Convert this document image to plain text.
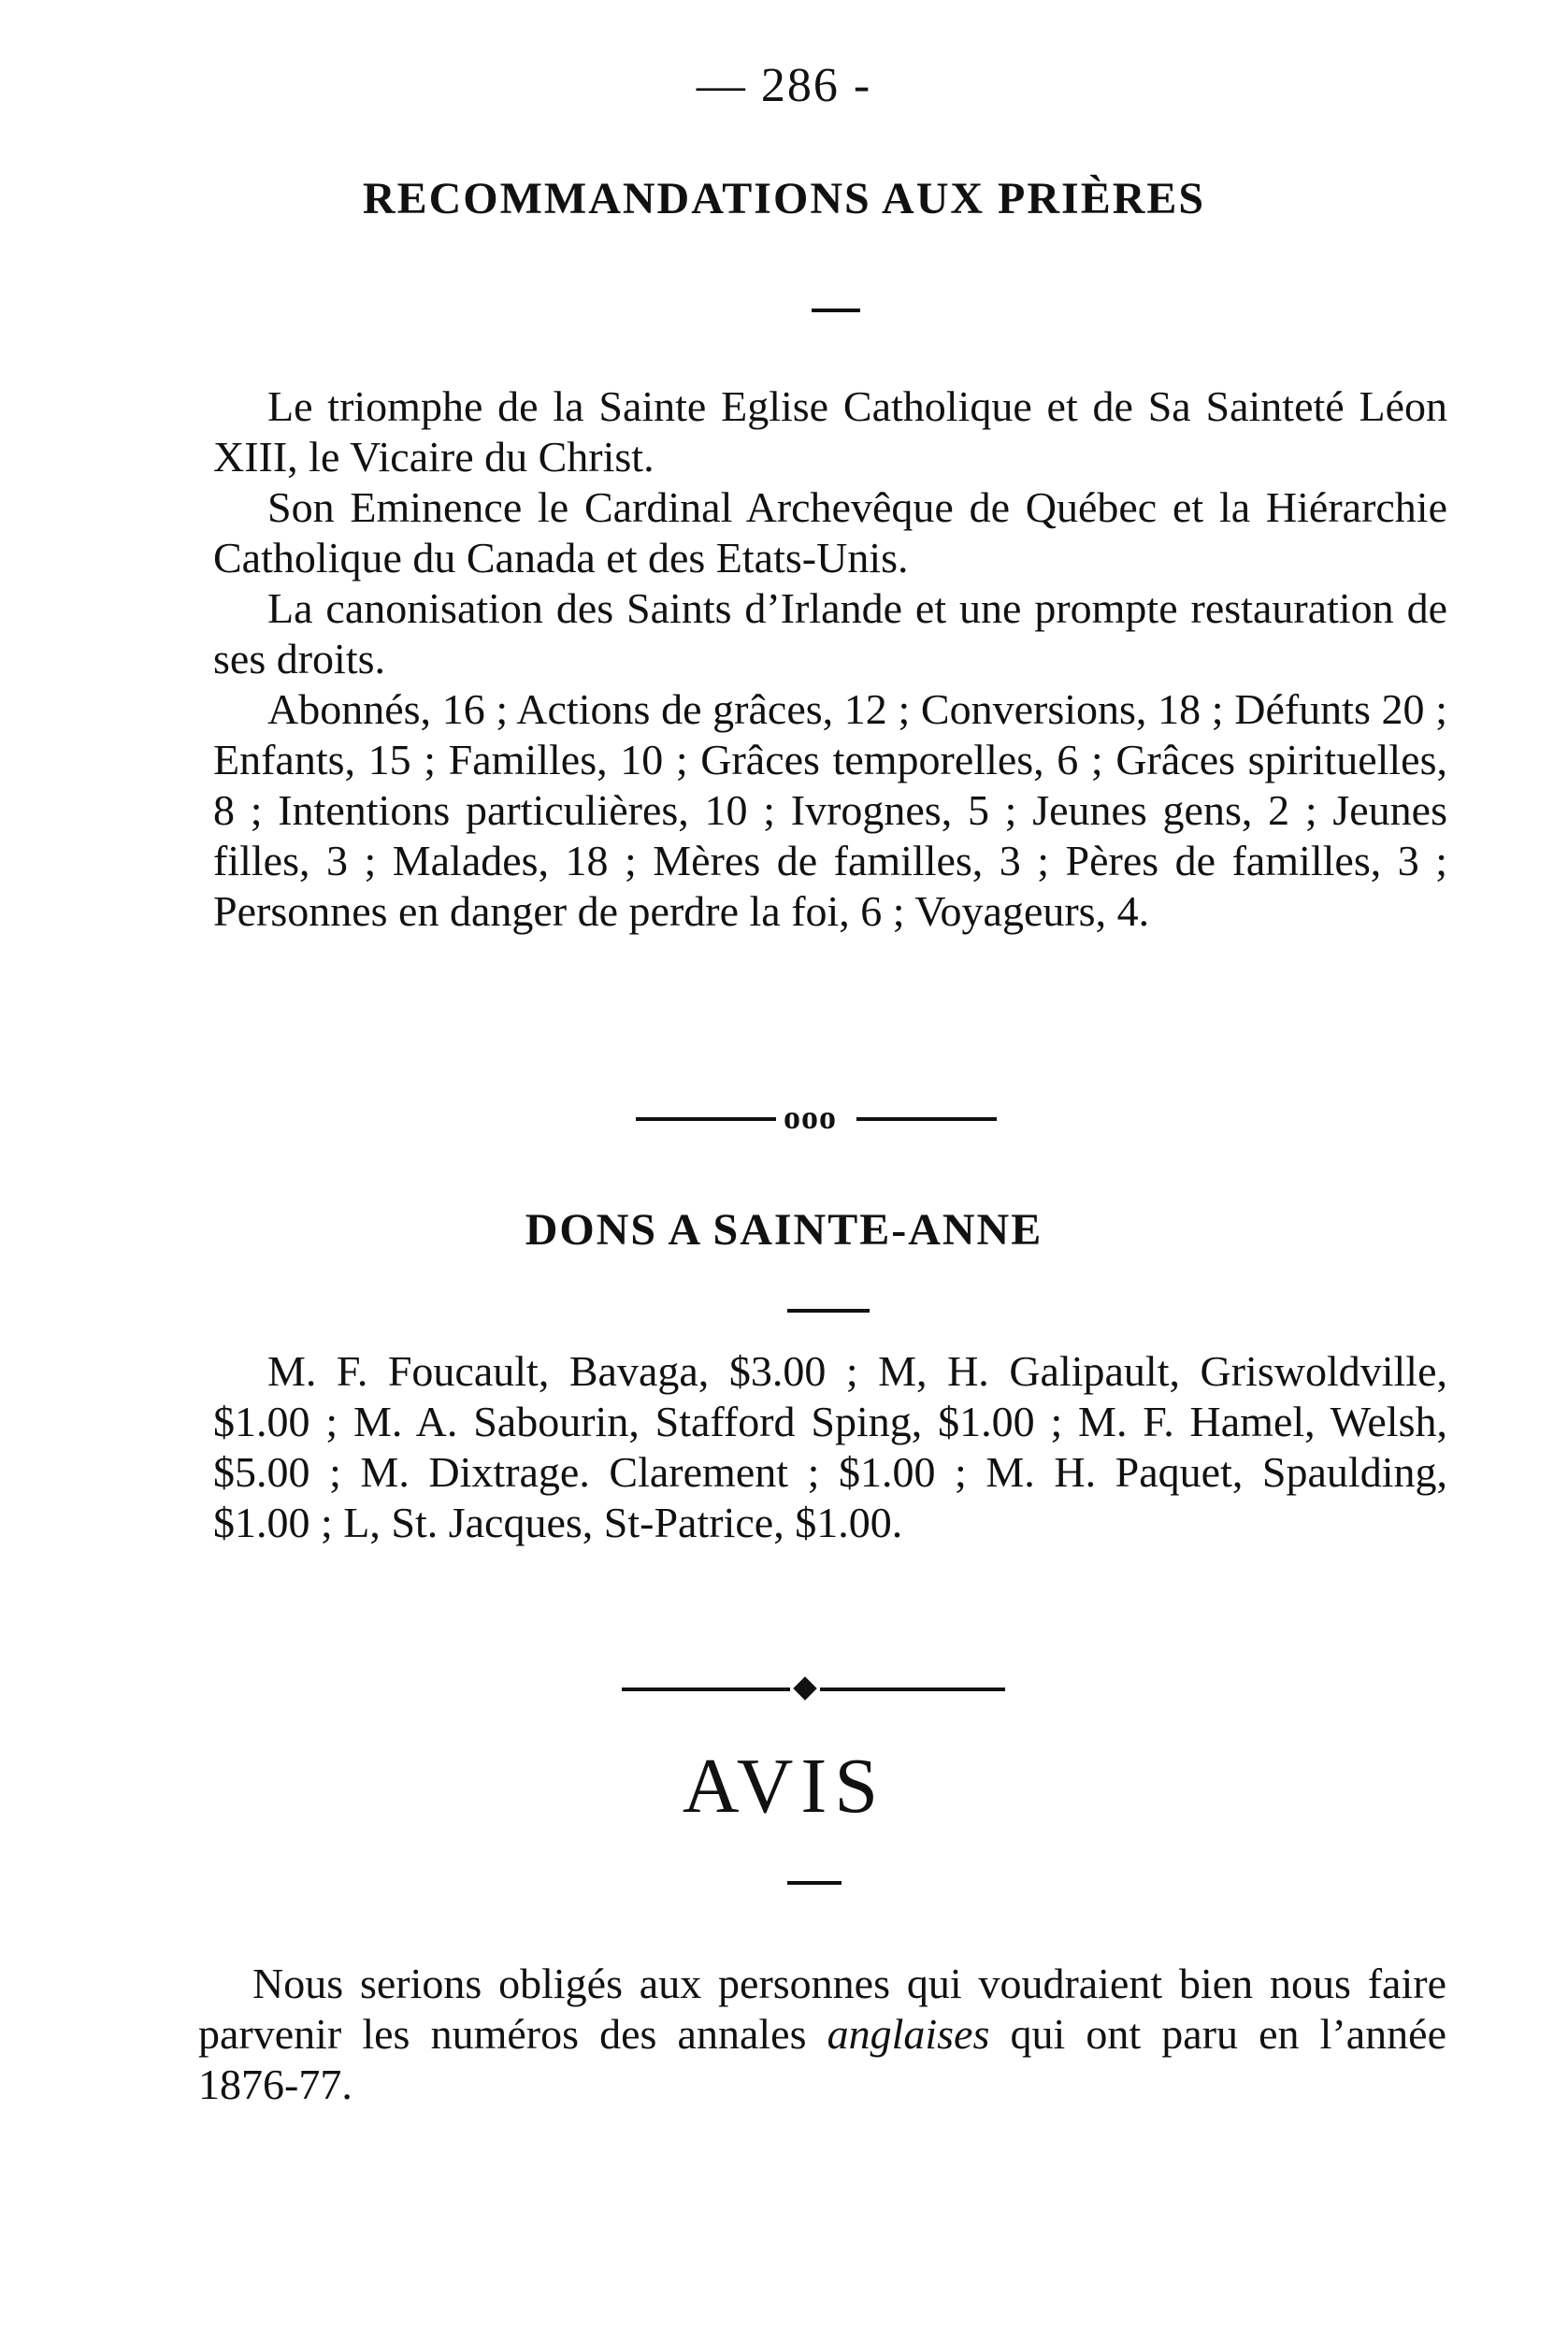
— 286 -
RECOMMANDATIONS AUX PRIÈRES

Le triomphe de la Sainte Eglise Catholique et de Sa Sainteté Léon XIII, le Vicaire du Christ.

Son Eminence le Cardinal Archevêque de Québec et la Hiérarchie Catholique du Canada et des Etats-Unis.

La canonisation des Saints d’Irlande et une prompte restauration de ses droits.

Abonnés, 16 ; Actions de grâces, 12 ; Conversions, 18 ; Défunts 20 ; Enfants, 15 ; Familles, 10 ; Grâces temporelles, 6 ; Grâces spirituelles, 8 ; Intentions particulières, 10 ; Ivrognes, 5 ; Jeunes gens, 2 ; Jeunes filles, 3 ; Malades, 18 ; Mères de familles, 3 ; Pères de familles, 3 ; Personnes en danger de perdre la foi, 6 ; Voyageurs, 4.

ooo
DONS A SAINTE-ANNE

M. F. Foucault, Bavaga, $3.00 ; M, H. Galipault, Griswoldville, $1.00 ; M. A. Sabourin, Stafford Sping, $1.00 ; M. F. Hamel, Welsh, $5.00 ; M. Dixtrage. Clarement ; $1.00 ; M. H. Paquet, Spaulding, $1.00 ; L, St. Jacques, St-Patrice, $1.00.

AVIS

Nous serions obligés aux personnes qui voudraient bien nous faire parvenir les numéros des annales anglaises qui ont paru en l’année 1876-77.
